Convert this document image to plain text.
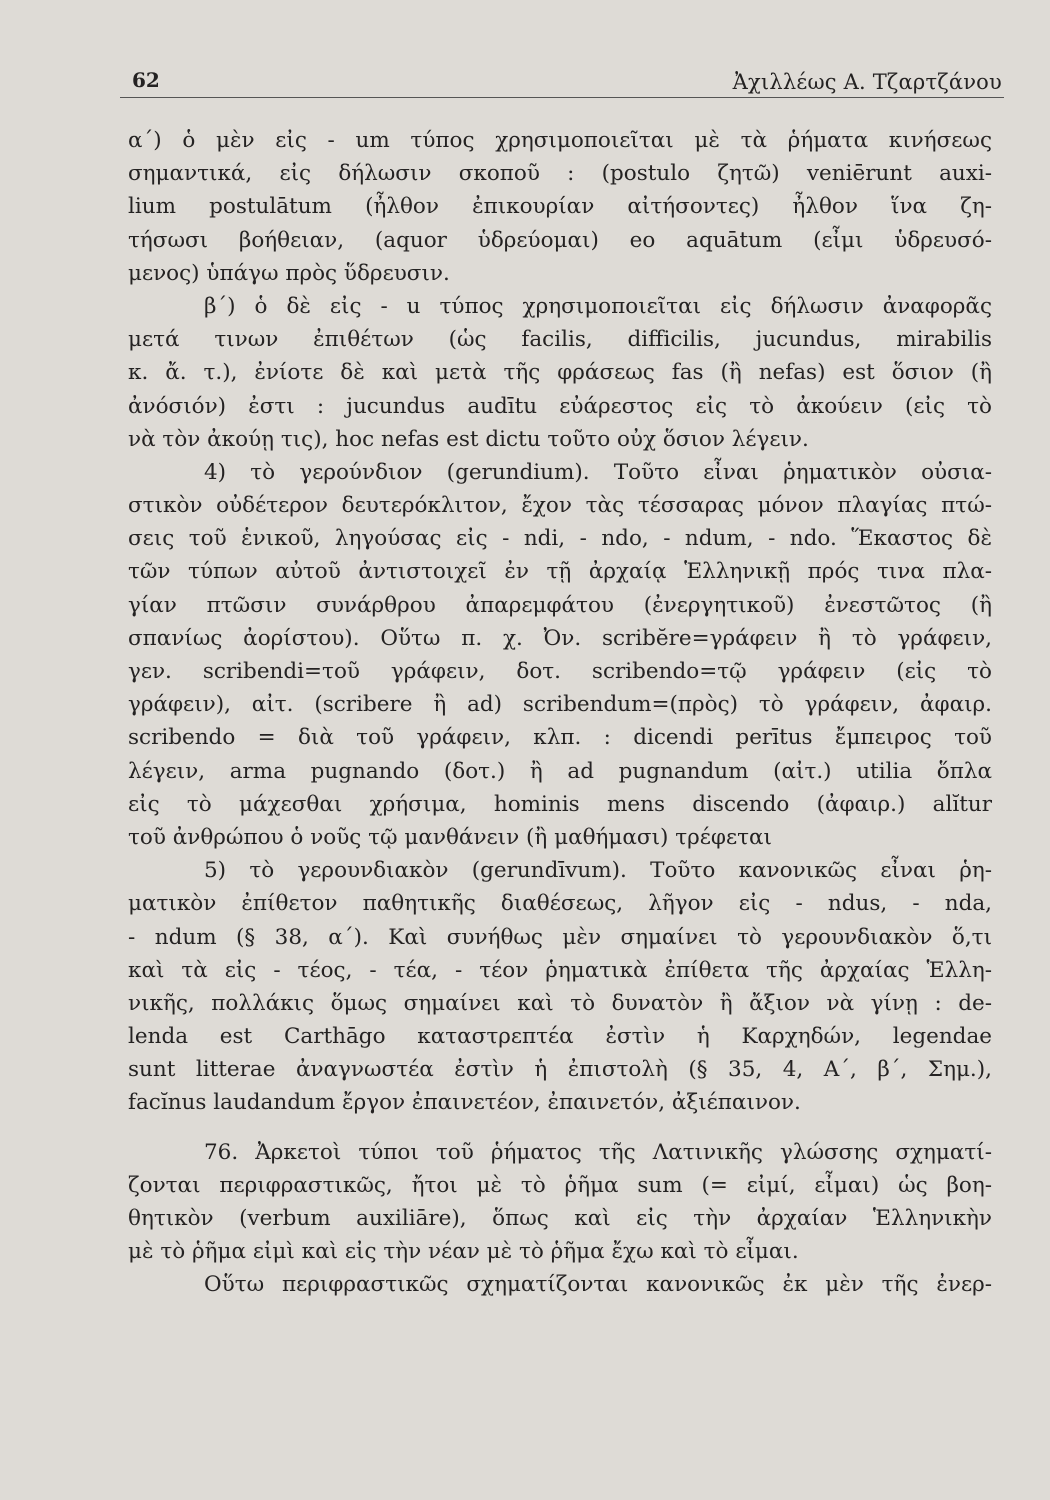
62	Ἀχιλλέως Α. Τζαρτζάνου
α΄) ὁ μὲν εἰς - um τύπος χρησιμοποιεῖται μὲ τὰ ῥήματα κινήσεως
σημαντικά, εἰς δήλωσιν σκοποῦ : (postulo ζητῶ) veniērunt auxi-
lium postulātum (ἦλθον ἐπικουρίαν αἰτήσοντες) ἦλθον ἵνα ζη-
τήσωσι βοήθειαν, (aquor ὑδρεύομαι) eo aquātum (εἶμι ὑδρευσό-
μενος) ὑπάγω πρὸς ὕδρευσιν.
β΄) ὁ δὲ εἰς - u τύπος χρησιμοποιεῖται εἰς δήλωσιν ἀναφορᾶς
μετά τινων ἐπιθέτων (ὡς facilis, difficilis, jucundus, mirabilis
κ. ἄ. τ.), ἐνίοτε δὲ καὶ μετὰ τῆς φράσεως fas (ἢ nefas) est ὅσιον (ἢ
ἀνόσιόν) ἐστι : jucundus audītu εὐάρεστος εἰς τὸ ἀκούειν (εἰς τὸ
νὰ τὸν ἀκούῃ τις), hoc nefas est dictu τοῦτο οὐχ ὅσιον λέγειν.
4) τὸ γερούνδιον (gerundium). Τοῦτο εἶναι ῥηματικὸν οὐσια-
στικὸν οὐδέτερον δευτερόκλιτον, ἔχον τὰς τέσσαρας μόνον πλαγίας πτώ-
σεις τοῦ ἑνικοῦ, ληγούσας εἰς - ndi, - ndo, - ndum, - ndo. Ἕκαστος δὲ
τῶν τύπων αὐτοῦ ἀντιστοιχεῖ ἐν τῇ ἀρχαίᾳ Ἑλληνικῇ πρός τινα πλα-
γίαν πτῶσιν συνάρθρου ἀπαρεμφάτου (ἐνεργητικοῦ) ἐνεστῶτος (ἢ
σπανίως ἀορίστου). Οὕτω π. χ. Ὀν. scribĕre=γράφειν ἢ τὸ γράφειν,
γεν. scribendi=τοῦ γράφειν, δοτ. scribendo=τῷ γράφειν (εἰς τὸ
γράφειν), αἰτ. (scribere ἢ ad) scribendum=(πρὸς) τὸ γράφειν, ἀφαιρ.
scribendo = διὰ τοῦ γράφειν, κλπ. : dicendi perītus ἔμπειρος τοῦ
λέγειν, arma pugnando (δοτ.) ἢ ad pugnandum (αἰτ.) utilia ὅπλα
εἰς τὸ μάχεσθαι χρήσιμα, hominis mens discendo (ἀφαιρ.) alĭtur
τοῦ ἀνθρώπου ὁ νοῦς τῷ μανθάνειν (ἢ μαθήμασι) τρέφεται
5) τὸ γερουνδιακὸν (gerundīvum). Τοῦτο κανονικῶς εἶναι ῥη-
ματικὸν ἐπίθετον παθητικῆς διαθέσεως, λῆγον εἰς - ndus, - nda,
- ndum (§ 38, α΄). Καὶ συνήθως μὲν σημαίνει τὸ γερουνδιακὸν ὅ,τι
καὶ τὰ εἰς - τέος, - τέα, - τέον ῥηματικὰ ἐπίθετα τῆς ἀρχαίας Ἑλλη-
νικῆς, πολλάκις ὅμως σημαίνει καὶ τὸ δυνατὸν ἢ ἄξιον νὰ γίνῃ : de-
lenda est Carthāgo καταστρεπτέα ἐστὶν ἡ Καρχηδών, legendae
sunt litterae ἀναγνωστέα ἐστὶν ἡ ἐπιστολὴ (§ 35, 4, Α΄, β΄, Σημ.),
facĭnus laudandum ἔργον ἐπαινετέον, ἐπαινετόν, ἀξιέπαινον.
76. Ἀρκετοὶ τύποι τοῦ ῥήματος τῆς Λατινικῆς γλώσσης σχηματί-
ζονται περιφραστικῶς, ἤτοι μὲ τὸ ῥῆμα sum (= εἰμί, εἶμαι) ὡς βοη-
θητικὸν (verbum auxiliāre), ὅπως καὶ εἰς τὴν ἀρχαίαν Ἑλληνικὴν
μὲ τὸ ῥῆμα εἰμὶ καὶ εἰς τὴν νέαν μὲ τὸ ῥῆμα ἔχω καὶ τὸ εἶμαι.
Οὕτω περιφραστικῶς σχηματίζονται κανονικῶς ἐκ μὲν τῆς ἐνερ-
